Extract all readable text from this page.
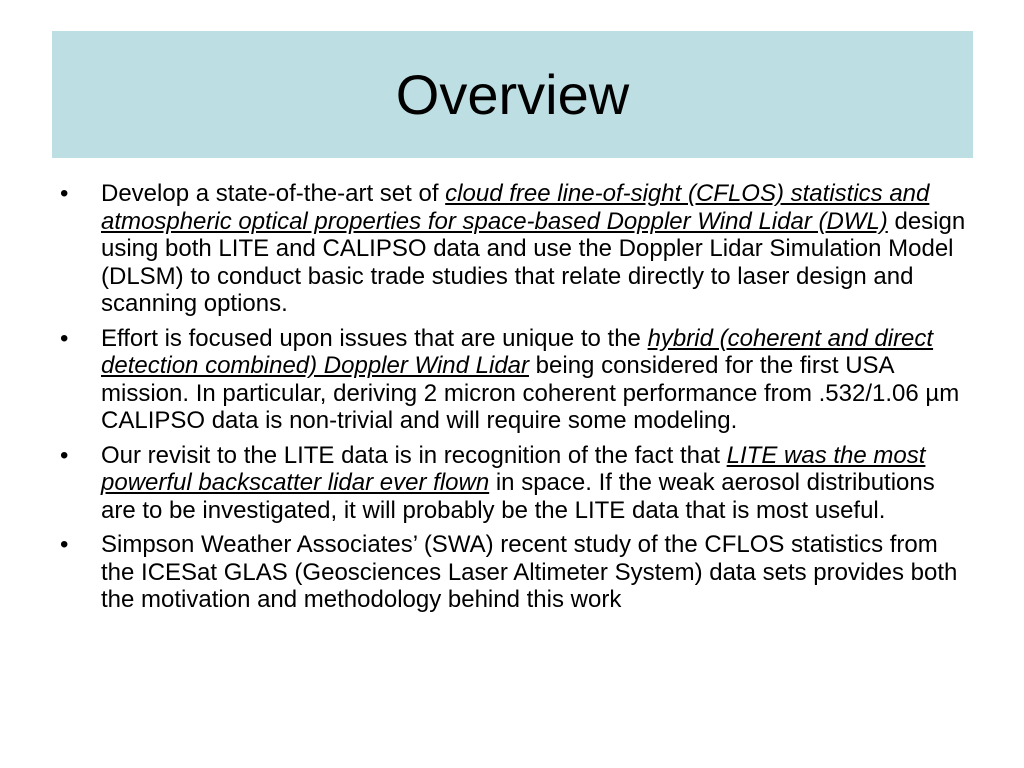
Overview
•	Develop a state-of-the-art set of cloud free line-of-sight (CFLOS) statistics and atmospheric optical properties for space-based Doppler Wind Lidar (DWL) design using both LITE and CALIPSO data and use the Doppler Lidar Simulation Model (DLSM) to conduct basic trade studies that relate directly to laser design and scanning options.
•	Effort is focused upon issues that are unique to the hybrid (coherent and direct detection combined) Doppler Wind Lidar being considered for the first USA mission. In particular, deriving 2 micron coherent performance from .532/1.06 µm CALIPSO data is non-trivial and will require some modeling.
•	Our revisit to the LITE data is in recognition of the fact that LITE was the most powerful backscatter lidar ever flown in space. If the weak aerosol distributions are to be investigated, it will probably be the LITE data that is most useful.
•	Simpson Weather Associates’ (SWA) recent study of the CFLOS statistics from the ICESat GLAS (Geosciences Laser Altimeter System) data sets provides both the motivation and methodology behind this work
